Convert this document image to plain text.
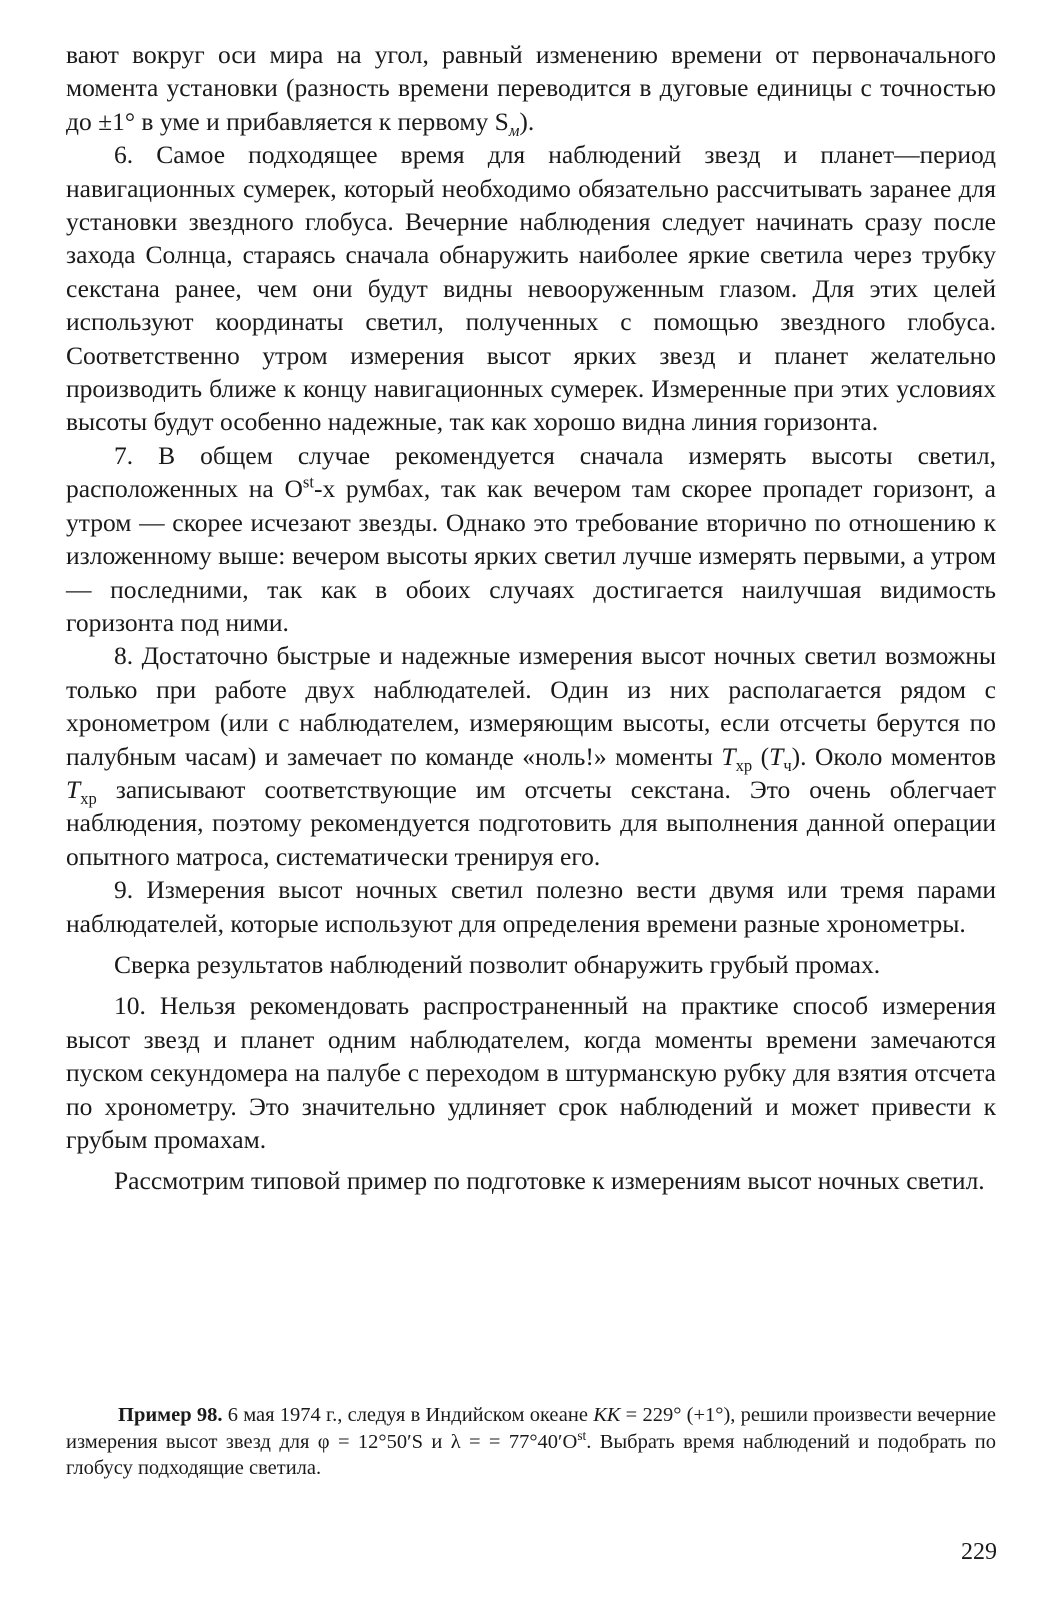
вают вокруг оси мира на угол, равный изменению времени от первоначального момента установки (разность времени переводится в дуговые единицы с точностью до ±1° в уме и прибавляется к первому $S_м$).

6. Самое подходящее время для наблюдений звезд и планет—период навигационных сумерек, который необходимо обязательно рассчитывать заранее для установки звездного глобуса. Вечерние наблюдения следует начинать сразу после захода Солнца, стараясь сначала обнаружить наиболее яркие светила через трубку секстана ранее, чем они будут видны невооруженным глазом. Для этих целей используют координаты светил, полученных с помощью звездного глобуса. Соответственно утром измерения высот ярких звезд и планет желательно производить ближе к концу навигационных сумерек. Измеренные при этих условиях высоты будут особенно надежные, так как хорошо видна линия горизонта.

7. В общем случае рекомендуется сначала измерять высоты светил, расположенных на $O^{st}-х$ румбах, так как вечером там скорее пропадет горизонт, а утром — скорее исчезают звезды. Однако это требование вторично по отношению к изложенному выше: вечером высоты ярких светил лучше измерять первыми, а утром — последними, так как в обоих случаях достигается наилучшая видимость горизонта под ними.

8. Достаточно быстрые и надежные измерения высот ночных светил возможны только при работе двух наблюдателей. Один из них располагается рядом с хронометром (или с наблюдателем, измеряющим высоты, если отсчеты берутся по палубным часам) и замечает по команде «ноль!» моменты $T_{хр}$ $(T_ч)$. Около моментов $T_{хр}$ записывают соответствующие им отсчеты секстана. Это очень облегчает наблюдения, поэтому рекомендуется подготовить для выполнения данной операции опытного матроса, систематически тренируя его.

9. Измерения высот ночных светил полезно вести двумя или тремя парами наблюдателей, которые используют для определения времени разные хронометры.

Сверка результатов наблюдений позволит обнаружить грубый промах.

10. Нельзя рекомендовать распространенный на практике способ измерения высот звезд и планет одним наблюдателем, когда моменты времени замечаются пуском секундомера на палубе с переходом в штурманскую рубку для взятия отсчета по хронометру. Это значительно удлиняет срок наблюдений и может привести к грубым промахам.

Рассмотрим типовой пример по подготовке к измерениям высот ночных светил.

Пример 98. 6 мая 1974 г., следуя в Индийском океане КК = 229° (+1°), решили произвести вечерние измерения высот звезд для φ = 12°50′S и λ = = $77^\circ 40'O^{st}$. Выбрать время наблюдений и подобрать по глобусу подходящие светила.

229
